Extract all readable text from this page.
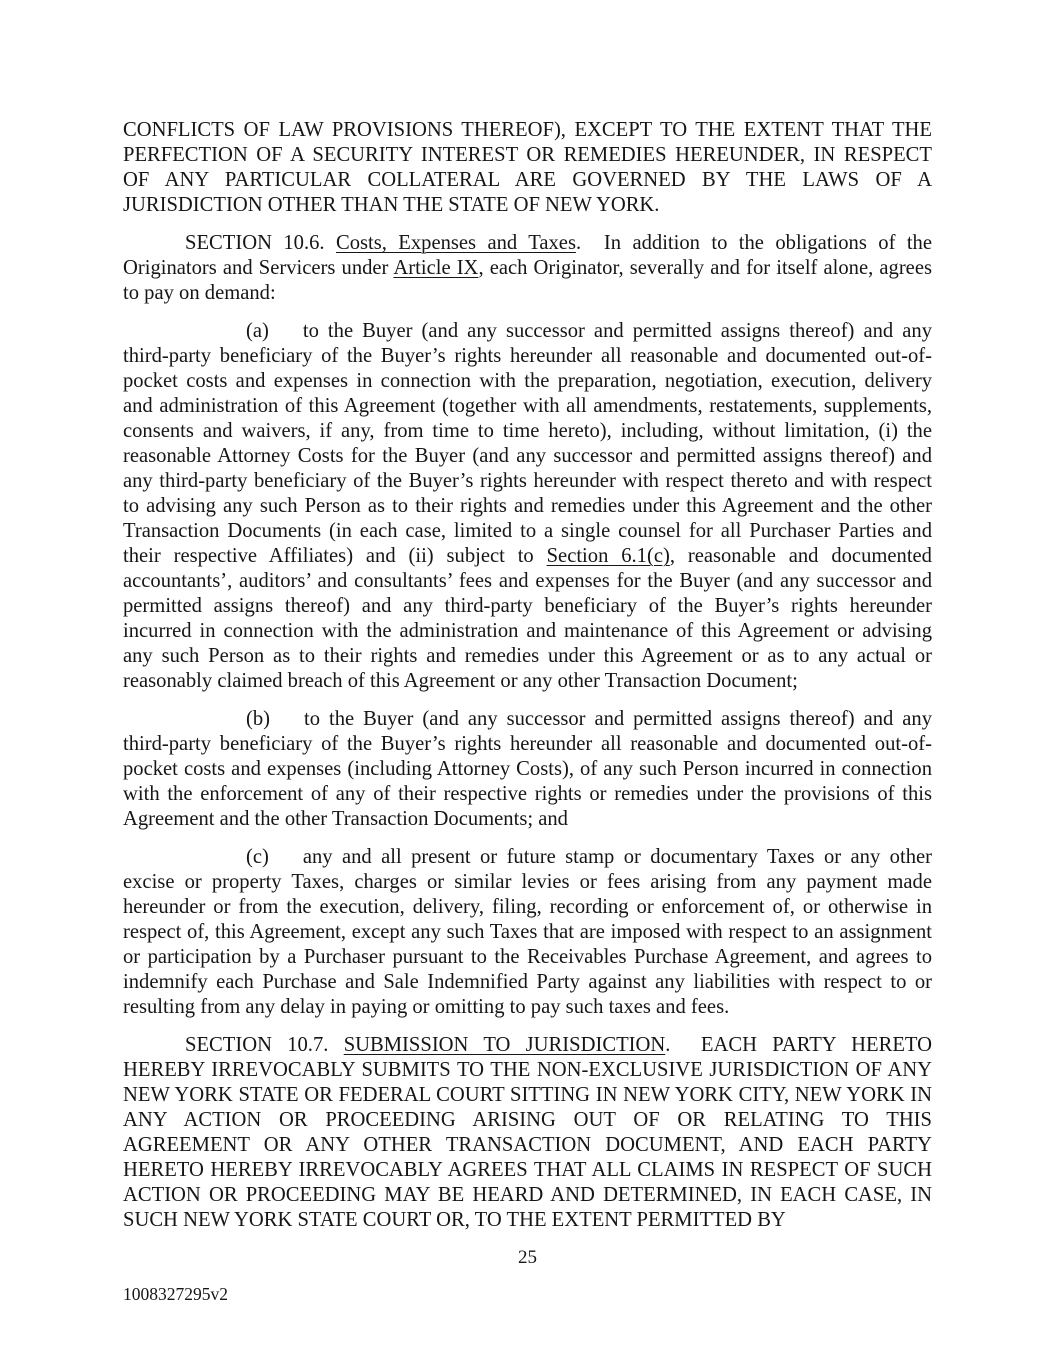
CONFLICTS OF LAW PROVISIONS THEREOF), EXCEPT TO THE EXTENT THAT THE PERFECTION OF A SECURITY INTEREST OR REMEDIES HEREUNDER, IN RESPECT OF ANY PARTICULAR COLLATERAL ARE GOVERNED BY THE LAWS OF A JURISDICTION OTHER THAN THE STATE OF NEW YORK.

SECTION 10.6. Costs, Expenses and Taxes.  In addition to the obligations of the Originators and Servicers under Article IX, each Originator, severally and for itself alone, agrees to pay on demand:

(a) to the Buyer (and any successor and permitted assigns thereof) and any third-party beneficiary of the Buyer’s rights hereunder all reasonable and documented out-of-pocket costs and expenses in connection with the preparation, negotiation, execution, delivery and administration of this Agreement (together with all amendments, restatements, supplements, consents and waivers, if any, from time to time hereto), including, without limitation, (i) the reasonable Attorney Costs for the Buyer (and any successor and permitted assigns thereof) and any third-party beneficiary of the Buyer’s rights hereunder with respect thereto and with respect to advising any such Person as to their rights and remedies under this Agreement and the other Transaction Documents (in each case, limited to a single counsel for all Purchaser Parties and their respective Affiliates) and (ii) subject to Section 6.1(c), reasonable and documented accountants’, auditors’ and consultants’ fees and expenses for the Buyer (and any successor and permitted assigns thereof) and any third-party beneficiary of the Buyer’s rights hereunder incurred in connection with the administration and maintenance of this Agreement or advising any such Person as to their rights and remedies under this Agreement or as to any actual or reasonably claimed breach of this Agreement or any other Transaction Document;

(b) to the Buyer (and any successor and permitted assigns thereof) and any third-party beneficiary of the Buyer’s rights hereunder all reasonable and documented out-of-pocket costs and expenses (including Attorney Costs), of any such Person incurred in connection with the enforcement of any of their respective rights or remedies under the provisions of this Agreement and the other Transaction Documents; and

(c) any and all present or future stamp or documentary Taxes or any other excise or property Taxes, charges or similar levies or fees arising from any payment made hereunder or from the execution, delivery, filing, recording or enforcement of, or otherwise in respect of, this Agreement, except any such Taxes that are imposed with respect to an assignment or participation by a Purchaser pursuant to the Receivables Purchase Agreement, and agrees to indemnify each Purchase and Sale Indemnified Party against any liabilities with respect to or resulting from any delay in paying or omitting to pay such taxes and fees.

SECTION 10.7. SUBMISSION TO JURISDICTION.  EACH PARTY HERETO HEREBY IRREVOCABLY SUBMITS TO THE NON-EXCLUSIVE JURISDICTION OF ANY NEW YORK STATE OR FEDERAL COURT SITTING IN NEW YORK CITY, NEW YORK IN ANY ACTION OR PROCEEDING ARISING OUT OF OR RELATING TO THIS AGREEMENT OR ANY OTHER TRANSACTION DOCUMENT, AND EACH PARTY HERETO HEREBY IRREVOCABLY AGREES THAT ALL CLAIMS IN RESPECT OF SUCH ACTION OR PROCEEDING MAY BE HEARD AND DETERMINED, IN EACH CASE, IN SUCH NEW YORK STATE COURT OR, TO THE EXTENT PERMITTED BY

25
1008327295v2
